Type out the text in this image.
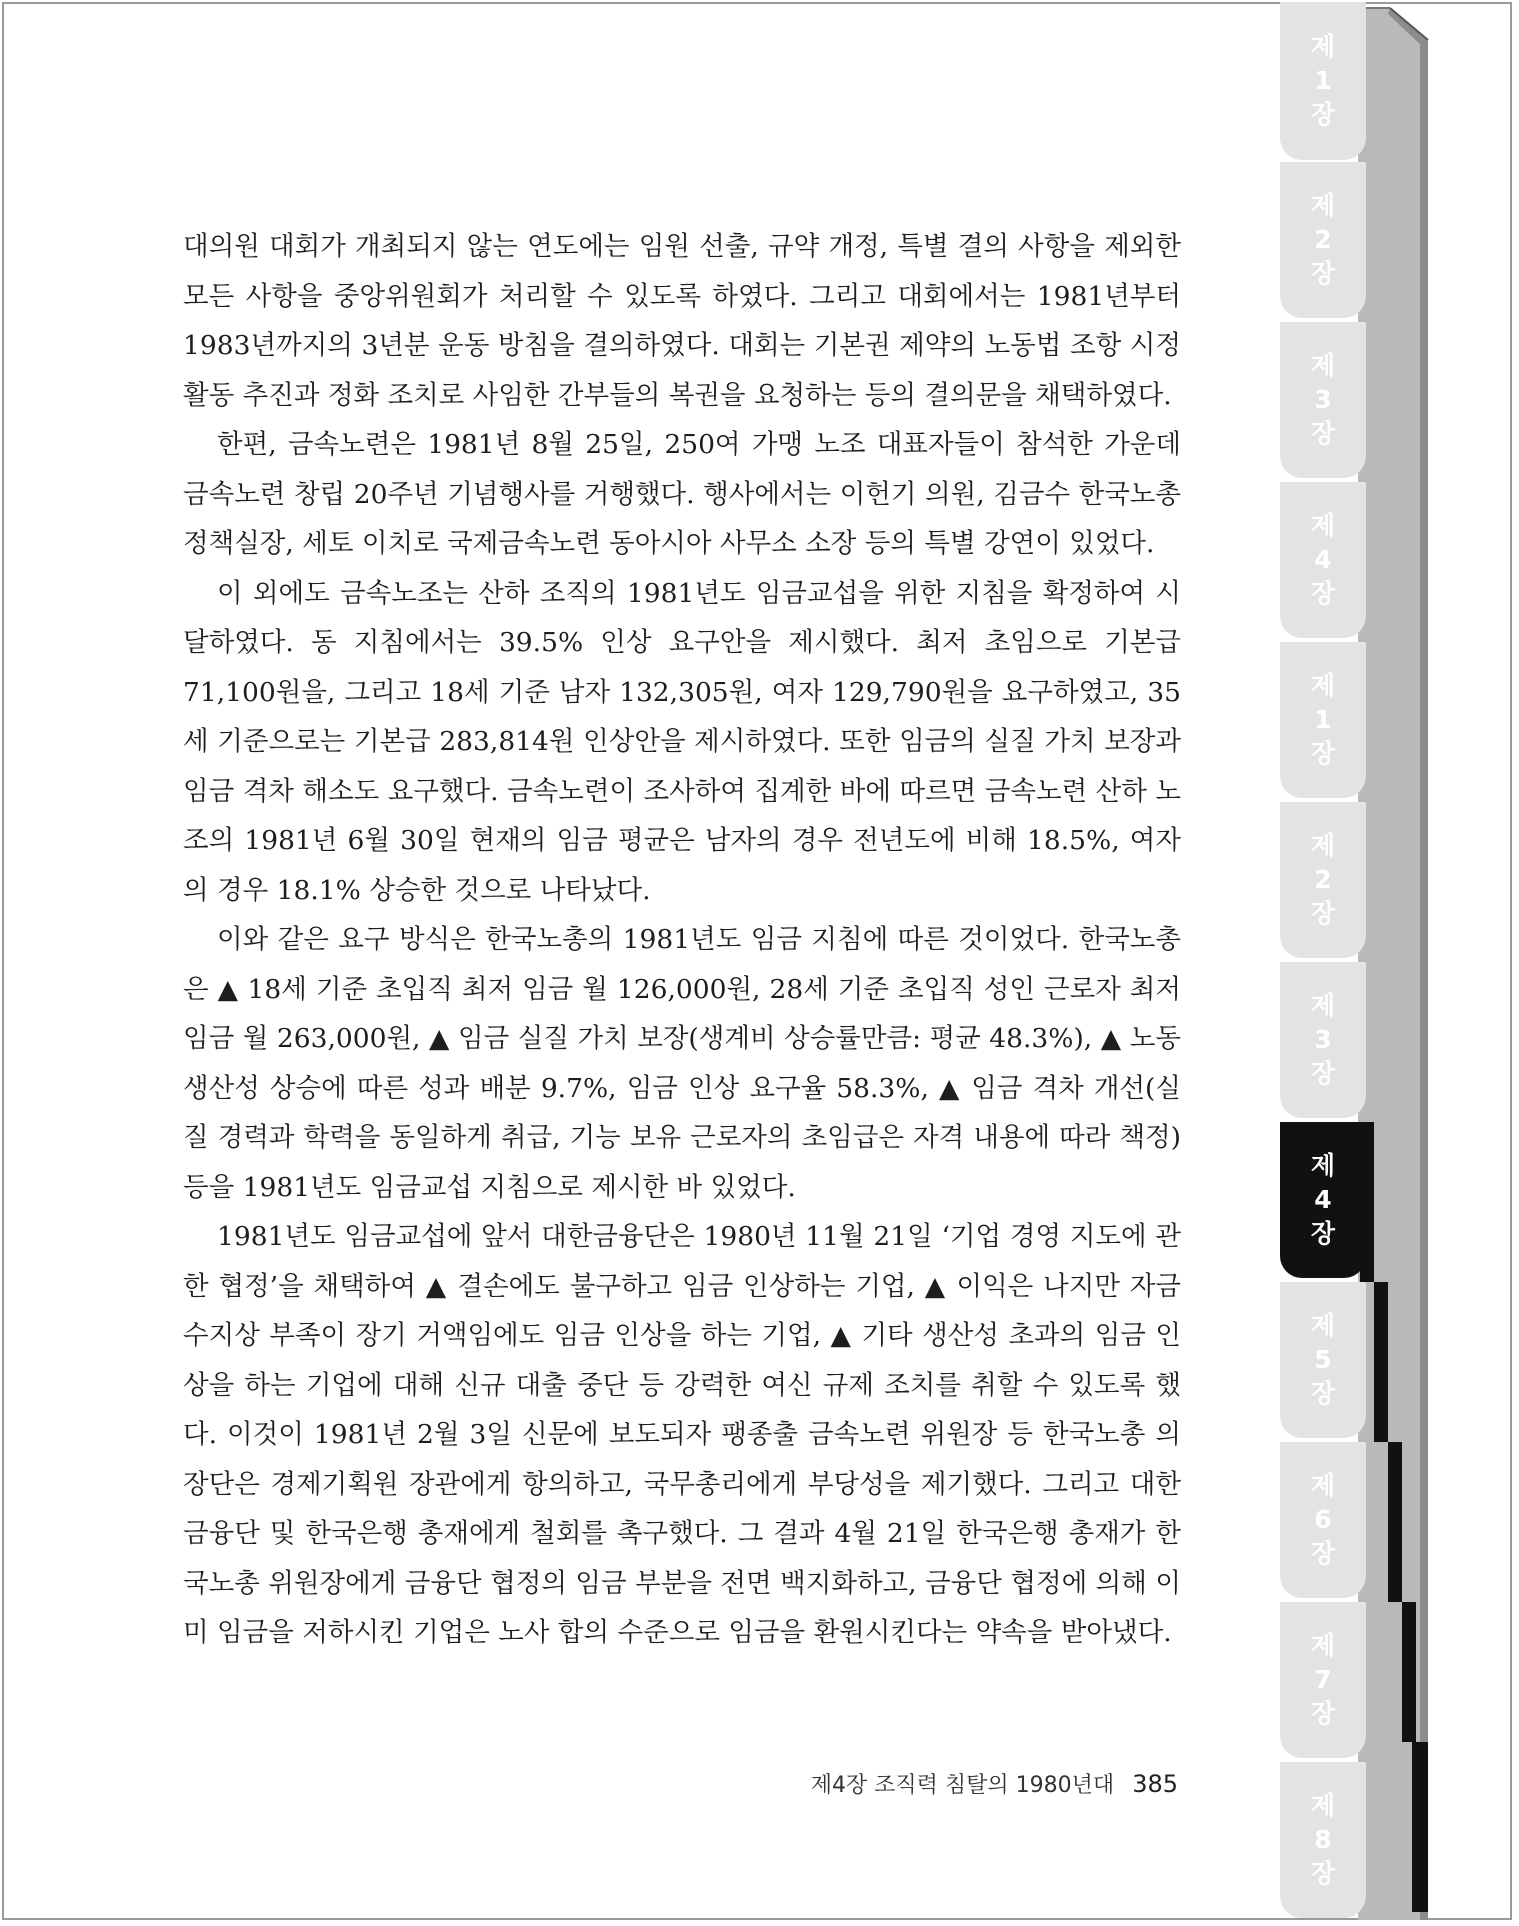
제
1
장
제
2
장
제
3
장
제
4
장
제
1
장
제
2
장
제
3
장
제
4
장
제
5
장
제
6
장
제
7
장
제
8
장

대의원 대회가 개최되지 않는 연도에는 임원 선출, 규약 개정, 특별 결의 사항을 제외한 모든 사항을 중앙위원회가 처리할 수 있도록 하였다. 그리고 대회에서는 1981년부터 1983년까지의 3년분 운동 방침을 결의하였다. 대회는 기본권 제약의 노동법 조항 시정 활동 추진과 정화 조치로 사임한 간부들의 복권을 요청하는 등의 결의문을 채택하였다.

한편, 금속노련은 1981년 8월 25일, 250여 가맹 노조 대표자들이 참석한 가운데 금속노련 창립 20주년 기념행사를 거행했다. 행사에서는 이헌기 의원, 김금수 한국노총 정책실장, 세토 이치로 국제금속노련 동아시아 사무소 소장 등의 특별 강연이 있었다.

이 외에도 금속노조는 산하 조직의 1981년도 임금교섭을 위한 지침을 확정하여 시달하였다. 동 지침에서는 39.5% 인상 요구안을 제시했다. 최저 초임으로 기본급 71,100원을, 그리고 18세 기준 남자 132,305원, 여자 129,790원을 요구하였고, 35세 기준으로는 기본급 283,814원 인상안을 제시하였다. 또한 임금의 실질 가치 보장과 임금 격차 해소도 요구했다. 금속노련이 조사하여 집계한 바에 따르면 금속노련 산하 노조의 1981년 6월 30일 현재의 임금 평균은 남자의 경우 전년도에 비해 18.5%, 여자의 경우 18.1% 상승한 것으로 나타났다.

이와 같은 요구 방식은 한국노총의 1981년도 임금 지침에 따른 것이었다. 한국노총은 ▲ 18세 기준 초입직 최저 임금 월 126,000원, 28세 기준 초입직 성인 근로자 최저 임금 월 263,000원, ▲ 임금 실질 가치 보장(생계비 상승률만큼: 평균 48.3%), ▲ 노동 생산성 상승에 따른 성과 배분 9.7%, 임금 인상 요구율 58.3%, ▲ 임금 격차 개선(실질 경력과 학력을 동일하게 취급, 기능 보유 근로자의 초임급은 자격 내용에 따라 책정) 등을 1981년도 임금교섭 지침으로 제시한 바 있었다.

1981년도 임금교섭에 앞서 대한금융단은 1980년 11월 21일 ‘기업 경영 지도에 관한 협정’을 채택하여 ▲ 결손에도 불구하고 임금 인상하는 기업, ▲ 이익은 나지만 자금 수지상 부족이 장기 거액임에도 임금 인상을 하는 기업, ▲ 기타 생산성 초과의 임금 인상을 하는 기업에 대해 신규 대출 중단 등 강력한 여신 규제 조치를 취할 수 있도록 했다. 이것이 1981년 2월 3일 신문에 보도되자 팽종출 금속노련 위원장 등 한국노총 의장단은 경제기획원 장관에게 항의하고, 국무총리에게 부당성을 제기했다. 그리고 대한금융단 및 한국은행 총재에게 철회를 촉구했다. 그 결과 4월 21일 한국은행 총재가 한국노총 위원장에게 금융단 협정의 임금 부분을 전면 백지화하고, 금융단 협정에 의해 이미 임금을 저하시킨 기업은 노사 합의 수준으로 임금을 환원시킨다는 약속을 받아냈다.

제4장 조직력 침탈의 1980년대 385
